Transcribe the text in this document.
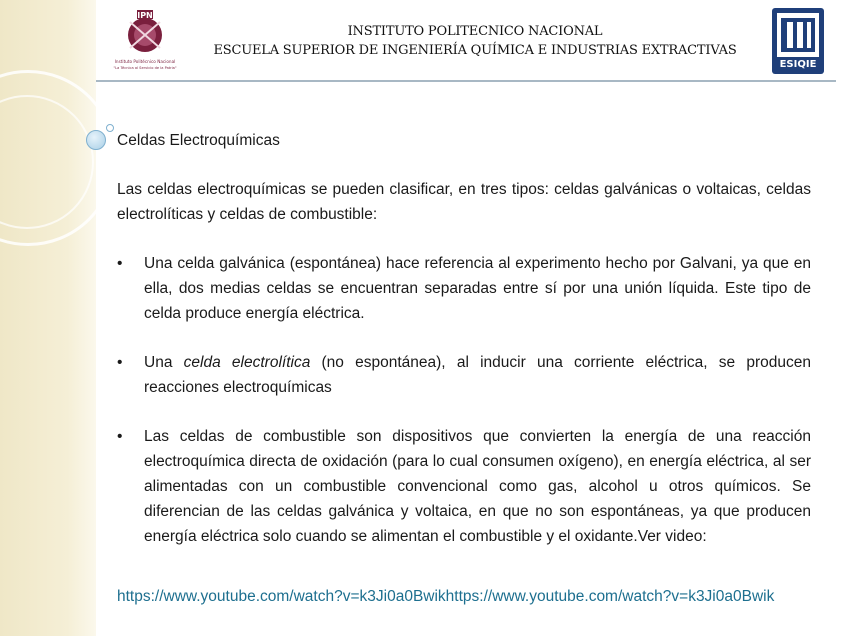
IPN
Instituto Politécnico Nacional
"La Técnica al Servicio de la Patria"
INSTITUTO POLITECNICO NACIONAL
ESCUELA SUPERIOR DE INGENIERÍA QUÍMICA E INDUSTRIAS EXTRACTIVAS
ESIQIE
Celdas Electroquímicas
Las celdas electroquímicas se pueden clasificar, en tres tipos: celdas galvánicas o voltaicas, celdas electrolíticas y celdas de combustible:
• Una celda galvánica (espontánea) hace referencia al experimento hecho por Galvani, ya que en ella, dos medias celdas se encuentran separadas entre sí por una unión líquida. Este tipo de celda produce energía eléctrica.
• Una celda electrolítica (no espontánea), al inducir una corriente eléctrica, se producen reacciones electroquímicas
• Las celdas de combustible son dispositivos que convierten la energía de una reacción electroquímica directa de oxidación (para lo cual consumen oxígeno), en energía eléctrica, al ser alimentadas con un combustible convencional como gas, alcohol u otros químicos. Se diferencian de las celdas galvánica y voltaica, en que no son espontáneas, ya que producen energía eléctrica solo cuando se alimentan el combustible y el oxidante.Ver video:
https://www.youtube.com/watch?v=k3Ji0a0Bwikhttps://www.youtube.com/watch?v=k3Ji0a0Bwik
